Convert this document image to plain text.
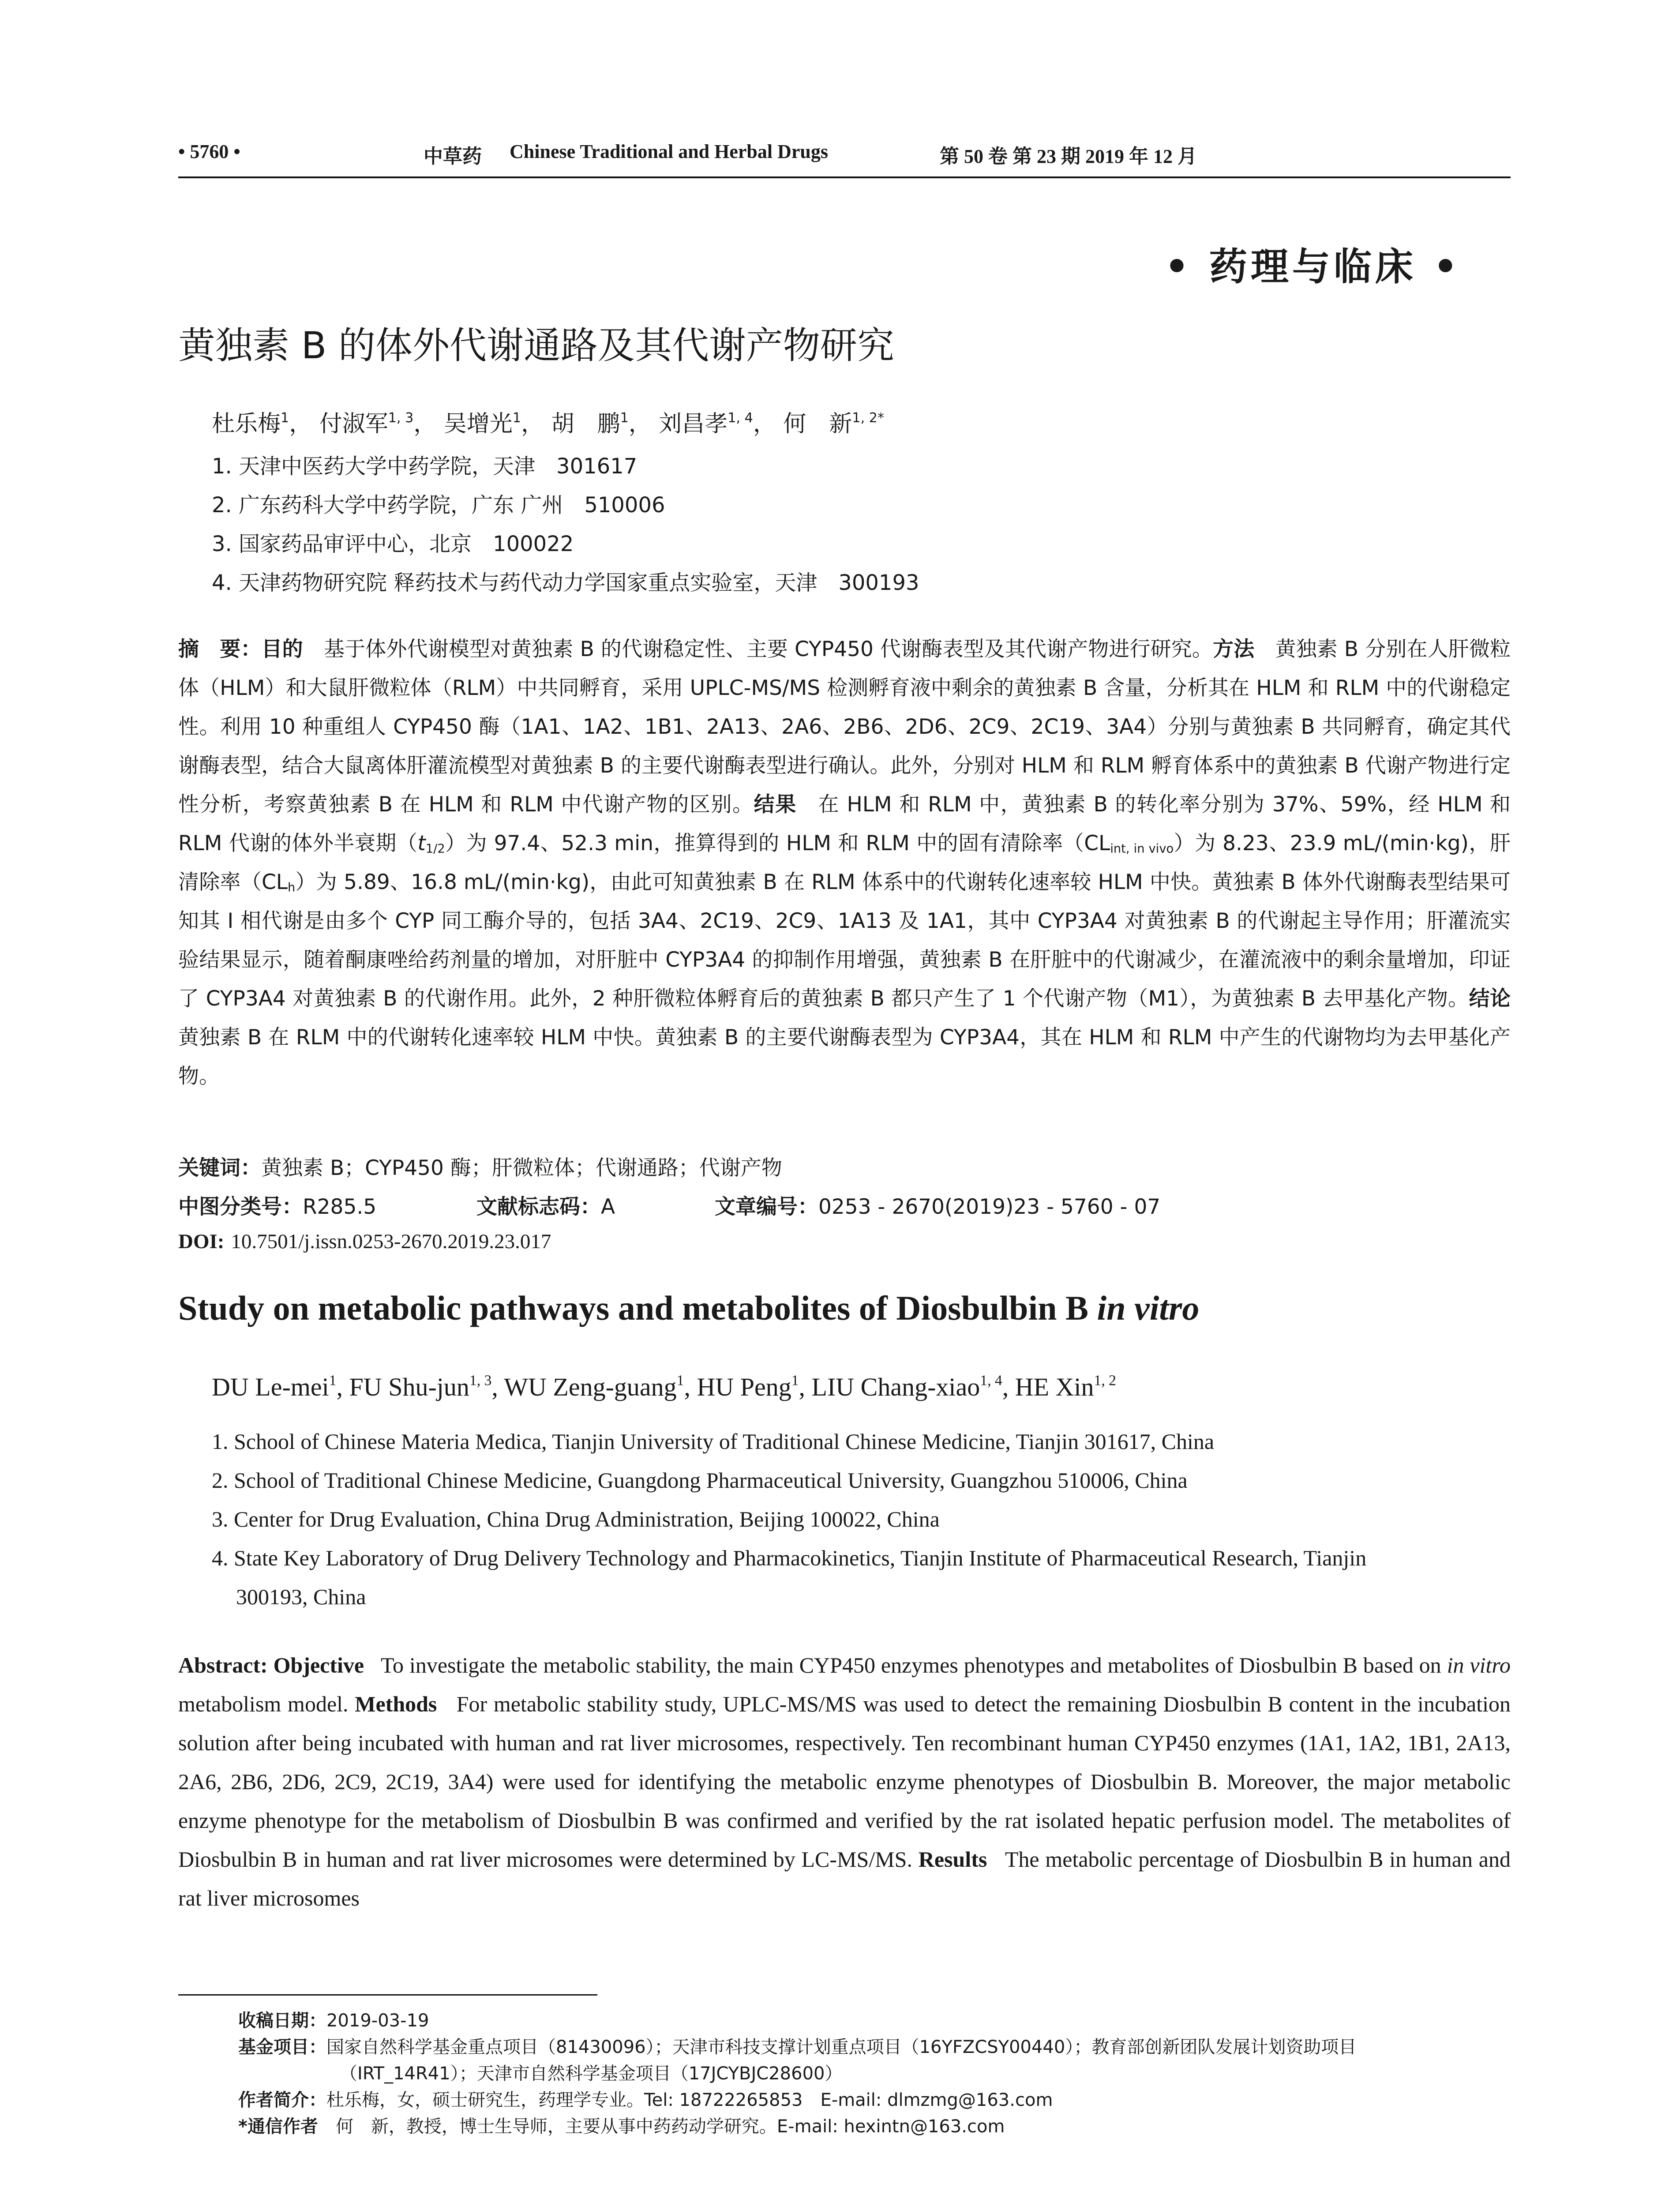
• 5760 •	中草药 Chinese Traditional and Herbal Drugs	第 50 卷 第 23 期 2019 年 12 月
• 药理与临床 •
黄独素 B 的体外代谢通路及其代谢产物研究
杜乐梅$^1$， 付淑军$^{1, 3}$， 吴增光$^1$， 胡　鹏$^1$， 刘昌孝$^{1, 4}$， 何　新$^{1, 2*}$
1. 天津中医药大学中药学院，天津　301617
2. 广东药科大学中药学院，广东 广州　510006
3. 国家药品审评中心，北京　100022
4. 天津药物研究院 释药技术与药代动力学国家重点实验室，天津　300193
摘　要：目的　 基于体外代谢模型对黄独素 B 的代谢稳定性、主要 CYP450 代谢酶表型及其代谢产物进行研究。方法　 黄独素 B 分别在人肝微粒体（HLM）和大鼠肝微粒体（RLM）中共同孵育，采用 UPLC-MS/MS 检测孵育液中剩余的黄独素 B 含量，分析其在 HLM 和 RLM 中的代谢稳定性。利用 10 种重组人 CYP450 酶（1A1、1A2、1B1、2A13、2A6、2B6、2D6、2C9、2C19、3A4）分别与黄独素 B 共同孵育，确定其代谢酶表型，结合大鼠离体肝灌流模型对黄独素 B 的主要代谢酶表型进行确认。此外，分别对 HLM 和 RLM 孵育体系中的黄独素 B 代谢产物进行定性分析，考察黄独素 B 在 HLM 和 RLM 中代谢产物的区别。结果　 在 HLM 和 RLM 中，黄独素 B 的转化率分别为 37%、59%，经 HLM 和 RLM 代谢的体外半衰期$(t_{1/2})$为 97.4、52.3 min，推算得到的 HLM 和 RLM 中的固有清除率$(CL_{int, in vivo})$为 8.23、23.9 mL/(min·kg)，肝清除率$(CL_h)$为 5.89、16.8 mL/(min·kg)，由此可知黄独素 B 在 RLM 体系中的代谢转化速率较 HLM 中快。黄独素 B 体外代谢酶表型结果可知其 I 相代谢是由多个 CYP 同工酶介导的，包括 3A4、2C19、2C9、1A13 及 1A1，其中 CYP3A4 对黄独素 B 的代谢起主导作用；肝灌流实验结果显示，随着酮康唑给药剂量的增加，对肝脏中 CYP3A4 的抑制作用增强，黄独素 B 在肝脏中的代谢减少，在灌流液中的剩余量增加，印证了 CYP3A4 对黄独素 B 的代谢作用。此外，2 种肝微粒体孵育后的黄独素 B 都只产生了 1 个代谢产物（M1），为黄独素 B 去甲基化产物。结论　黄独素 B 在 RLM 中的代谢转化速率较 HLM 中快。黄独素 B 的主要代谢酶表型为 CYP3A4，其在 HLM 和 RLM 中产生的代谢物均为去甲基化产物。
关键词：黄独素 B；CYP450 酶；肝微粒体；代谢通路；代谢产物
中图分类号：R285.5	文献标志码：A	文章编号：0253 - 2670(2019)23 - 5760 - 07
DOI: 10.7501/j.issn.0253-2670.2019.23.017
Study on metabolic pathways and metabolites of Diosbulbin B in vitro
DU Le-mei$^1$, FU Shu-jun$^{1, 3}$, WU Zeng-guang$^1$, HU Peng$^1$, LIU Chang-xiao$^{1, 4}$, HE Xin$^{1, 2}$
1. School of Chinese Materia Medica, Tianjin University of Traditional Chinese Medicine, Tianjin 301617, China
2. School of Traditional Chinese Medicine, Guangdong Pharmaceutical University, Guangzhou 510006, China
3. Center for Drug Evaluation, China Drug Administration, Beijing 100022, China
4. State Key Laboratory of Drug Delivery Technology and Pharmacokinetics, Tianjin Institute of Pharmaceutical Research, Tianjin
300193, China
Abstract: Objective To investigate the metabolic stability, the main CYP450 enzymes phenotypes and metabolites of Diosbulbin B based on in vitro metabolism model. Methods For metabolic stability study, UPLC-MS/MS was used to detect the remaining Diosbulbin B content in the incubation solution after being incubated with human and rat liver microsomes, respectively. Ten recombinant human CYP450 enzymes (1A1, 1A2, 1B1, 2A13, 2A6, 2B6, 2D6, 2C9, 2C19, 3A4) were used for identifying the metabolic enzyme phenotypes of Diosbulbin B. Moreover, the major metabolic enzyme phenotype for the metabolism of Diosbulbin B was confirmed and verified by the rat isolated hepatic perfusion model. The metabolites of Diosbulbin B in human and rat liver microsomes were determined by LC-MS/MS. Results The metabolic percentage of Diosbulbin B in human and rat liver microsomes
收稿日期：2019-03-19
基金项目：国家自然科学基金重点项目（81430096）；天津市科技支撑计划重点项目（16YFZCSY00440）；教育部创新团队发展计划资助项目
（IRT_14R41）；天津市自然科学基金项目（17JCYBJC28600）
作者简介：杜乐梅，女，硕士研究生，药理学专业。Tel: 18722265853　E-mail: dlmzmg@163.com
*通信作者　 何　新，教授，博士生导师，主要从事中药药动学研究。E-mail: hexintn@163.com
